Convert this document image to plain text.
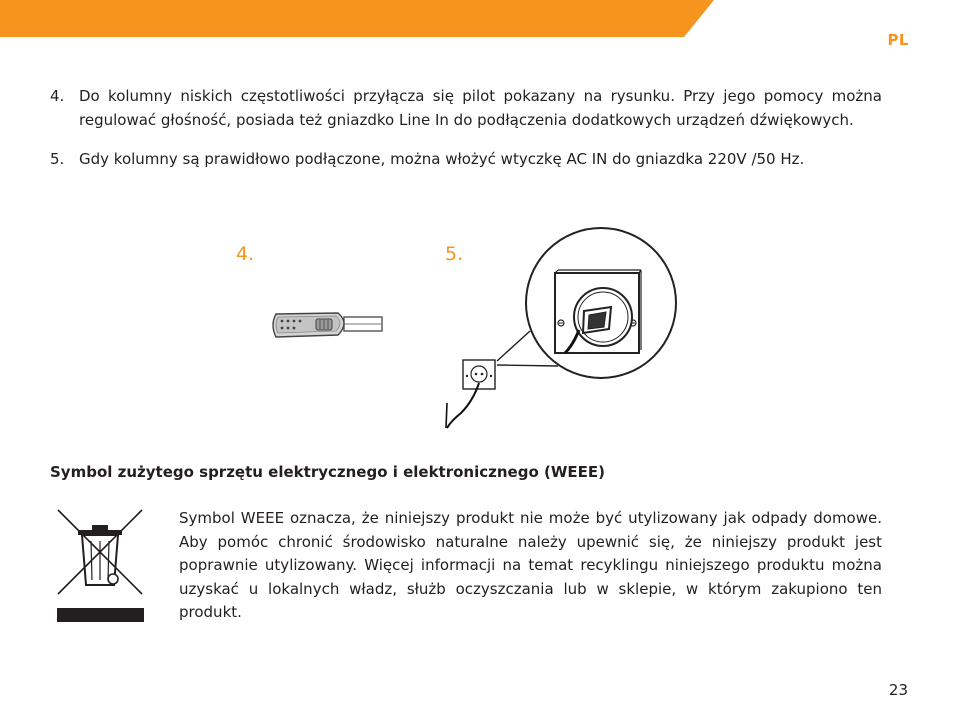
PL
4. Do kolumny niskich częstotliwości przyłącza się pilot pokazany na rysunku. Przy jego pomocy można regulować głośność, posiada też gniazdko Line In do podłączenia dodatkowych urządzeń dźwiękowych.
5. Gdy kolumny są prawidłowo podłączone, można włożyć wtyczkę AC IN do gniazdka 220V /50 Hz.
4.	5.
Symbol zużytego sprzętu elektrycznego i elektronicznego (WEEE)

Symbol WEEE oznacza, że niniejszy produkt nie może być utylizowany jak odpady domowe. Aby pomóc chronić środowisko naturalne należy upewnić się, że niniejszy produkt jest poprawnie utylizowany. Więcej informacji na temat recyklingu niniejszego produktu można uzyskać u lokalnych władz, służb oczyszczania lub w sklepie, w którym zakupiono ten produkt.

23
